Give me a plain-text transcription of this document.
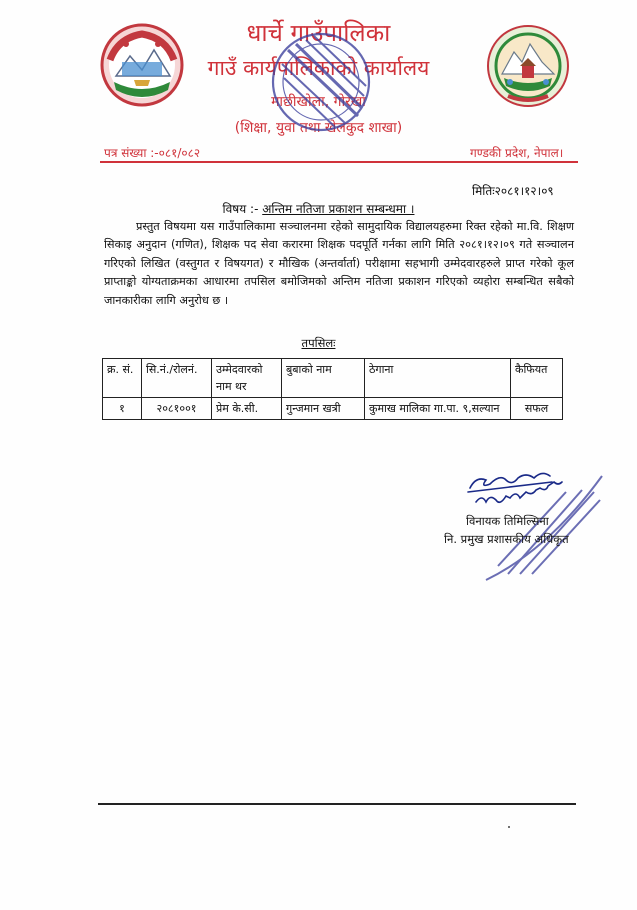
धार्चे गाउँपालिका
गाउँ कार्यपालिकाको कार्यालय
माछीखोला, गोरखा
(शिक्षा, युवा तथा खेलकुद शाखा)
पत्र संख्या :-०८१/०८२	गण्डकी प्रदेश, नेपाल।
मितिः२०८१।१२।०९
विषय :- अन्तिम नतिजा प्रकाशन सम्बन्धमा ।
प्रस्तुत विषयमा यस गाउँपालिकामा सञ्चालनमा रहेको सामुदायिक विद्यालयहरुमा रिक्त रहेको मा.वि. शिक्षण सिकाइ अनुदान (गणित), शिक्षक पद सेवा करारमा शिक्षक पदपूर्ति गर्नका लागि मिति २०८१।१२।०९ गते सञ्चालन गरिएको लिखित (वस्तुगत र विषयगत) र मौखिक (अन्तर्वार्ता) परीक्षामा सहभागी उम्मेदवारहरुले प्राप्त गरेको कूल प्राप्ताङ्को योग्यताक्रमका आधारमा तपसिल बमोजिमको अन्तिम नतिजा प्रकाशन गरिएको व्यहोरा सम्बन्धित सबैको जानकारीका लागि अनुरोध छ ।
तपसिलः
क्र. सं.	सि.नं./रोलनं.	उम्मेदवारको नाम थर	बुबाको नाम	ठेगाना	कैफियत
१	२०८१००१	प्रेम के.सी.	गुन्जमान खत्री	कुमाख मालिका गा.पा. ९,सल्यान	सफल
विनायक तिमिल्सिना
नि. प्रमुख प्रशासकीय अधिकृत
